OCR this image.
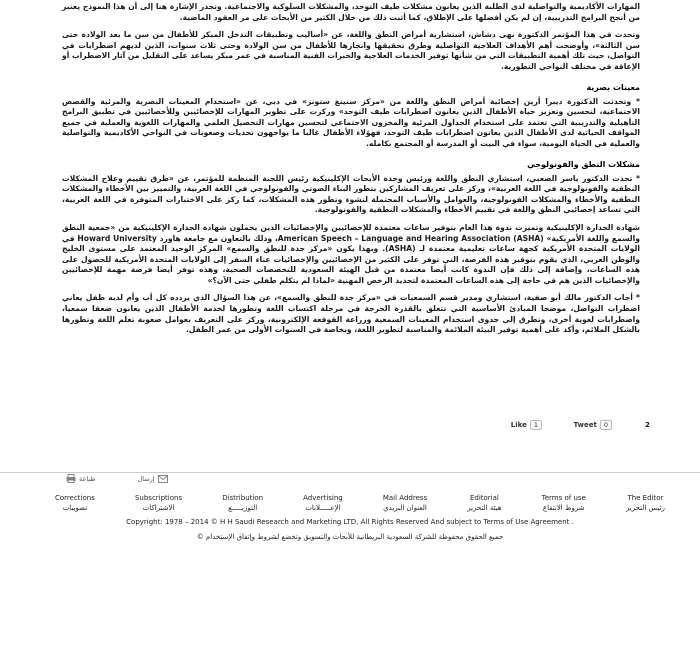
المهارات الأكاديمية والتواصلية لدى الطلبة الذين يعانون مشكلات طيف التوحد، والمشكلات السلوكية والاجتماعية. وتجدر الإشارة هنا إلى أن هذا النموذج يعتبر من أنجح البرامج التدريبية، إن لم يكن أفضلها على الإطلاق، كما أثبت ذلك من خلال الكثير من الأبحاث على مر العقود الماضية.

وتحدث في هذا المؤتمر الدكتورة نهى دشاش، استشارية أمراض النطق واللغة، عن «أساليب وتطبيقات التدخل المبكر للأطفال من سن ما بعد الولادة حتى سن الثالثة»، وأوضحت أهم الأهداف العلاجية التواصلية وطرق تحقيقها وانجازها للأطفال من سن الولادة وحتى ثلاث سنوات، الذين لديهم اضطرابات في التواصل، حيث تلك أهمية التطبيقات التي من شأنها توفير الخدمات العلاجية والخبرات الفنية المناسبة في عمر مبكر يساعد على التقليل من آثار الاضطراب أو الإعاقة في مختلف النواحي التطورية.

معينات بصرية

* وتحدثت الدكتورة ديبرا أرين إخصائية أمراض النطق واللغة من «مركز ستيتغ ستونز» في دبي، عن «استخدام المعينات البصرية والمرئية والقصص الاجتماعية، لتحسين وتعزيز حياة الأطفال الذين يعانون اضطرابات طيف التوحد» وركزت على تطوير المهارات للإخصائيين وللأخصائيين في تطبيق البرامج التأهيلية والتدريبية التي تعتمد على استخدام الجداول المرئية والمخزون الاجتماعي لتحسين مهارات التحصيل العلمي والمهارات اللغوية والعملية في جميع المواقف الحياتية لدى الأطفال الذين يعانون اضطرابات طيف التوحد، فهؤلاء الأطفال غالبا ما يواجهون تحديات وصعوبات في النواحي الأكاديمية والتواصلية والعملية في الحياة اليومية، سواء في البيت أو المدرسة أو المجتمع بكامله.

مشكلات النطق والفونولوجي

* تحدث الدكتور ياسر الصعبي، استشاري النطق واللغة ورئيس وحدة الأبحاث الإكلينيكية رئيس اللجنة المنظمة للمؤتمر، عن «طرق تقييم وعلاج المشكلات النطقية والفونولوجية في اللغة العربية»، وركز على تعريف المشاركين بتطور البناء الصوتي والفونولوجي في اللغة العربية، والتمييز بين الأخطاء والمشكلات النطقية والأخطاء والمشكلات الفونولوجية، والعوامل والأسباب المحتملة لنشوء وتطور هذه المشكلات، كما ركز على الاختبارات المتوفرة في اللغة العربية، التي تساعد إخصائيي النطق واللغة في تقييم الأخطاء والمشكلات النطقية والفونولوجية.

شهادة الجدارة الإكلينيكية وتميزت ندوة هذا العام بتوفير ساعات معتمدة للإخصائيين والإخصائيات الذين يحملون شهادة الجدارة الإكلينيكية من «جمعية النطق والسمع واللغة الأمريكية» (American Speech – Language and Hearing Association (ASHA، وذلك بالتعاون مع جامعة هاورد Howard University في الولايات المتحدة الأمريكية كجهة ساعات تعليمية معتمدة لـ (ASHA). وبهذا يكون «مركز جدة للنطق والسمع» المركز الوحيد المعتمد على مستوى الخليج والوطن العربي، الذي يقوم بتوفير هذه الفرصة، التي توفر على الكثير من الإخصائيين والإخصائيات عناء السفر إلى الولايات المتحدة الأمريكية للحصول على هذه الساعات، وإضافة إلى ذلك فإن الندوة كانت أيضا معتمدة من قبل الهيئة السعودية للتخصصات الصحية، وهذه توفر أيضا فرصة مهمة للإخصائيين والإخصائيات الذين هم في حاجة إلى هذه الساعات المعتمدة لتجديد الرخص المهنية «لماذا لم يتكلم طفلي حتى الآن؟»

* أجاب الدكتور مالك أبو صفية، استشاري ومدير قسم السمعيات في «مركز جدة للنطق والسمع»، عن هذا السؤال الذي يردده كل أب وأم لديه طفل يعاني اضطراب التواصل، موضحا المبادئ الأساسية التي تتعلق بالقدرة الحرجة في مرحلة اكتساب اللغة وتطورها لخدمة الأطفال الذين يعانون ضعفا سمعيا، واضطرابات لغوية أخرى، وتطرق إلى جدوى استخدام المعينات السمعية وزراعة القوقعة الإلكترونية، وركز على التعريف بعوامل صعوبة تعلم اللغة وتطورها بالشكل الملائم، وأكد على أهمية توفير البيئة الملائمة والمناسبة لتطوير اللغة، وبخاصة في السنوات الأولى من عمر الطفل.

Like	1	Tweet	0	2
طباعة	إرسال
Corrections
تصويبات
Subscriptions
الاشتراكات
Distribution
التوزيـــــع
Advertising
الإعـــــلانات
Mail Address
العنوان البريدي
Editorial
هيئة التحرير
Terms of use
شروط الانتفاع
The Editor
رئيس التحرير
Copyright: 1978 – 2014 © H H Saudi Research and Marketing LTD, All Rights Reserved And subject to Terms of Use Agreement .
جميع الحقوق محفوظة للشركة السعودية البريطانية للأبحاث والتسويق وتخضع لشروط وإتفاق الإستخدام ©
